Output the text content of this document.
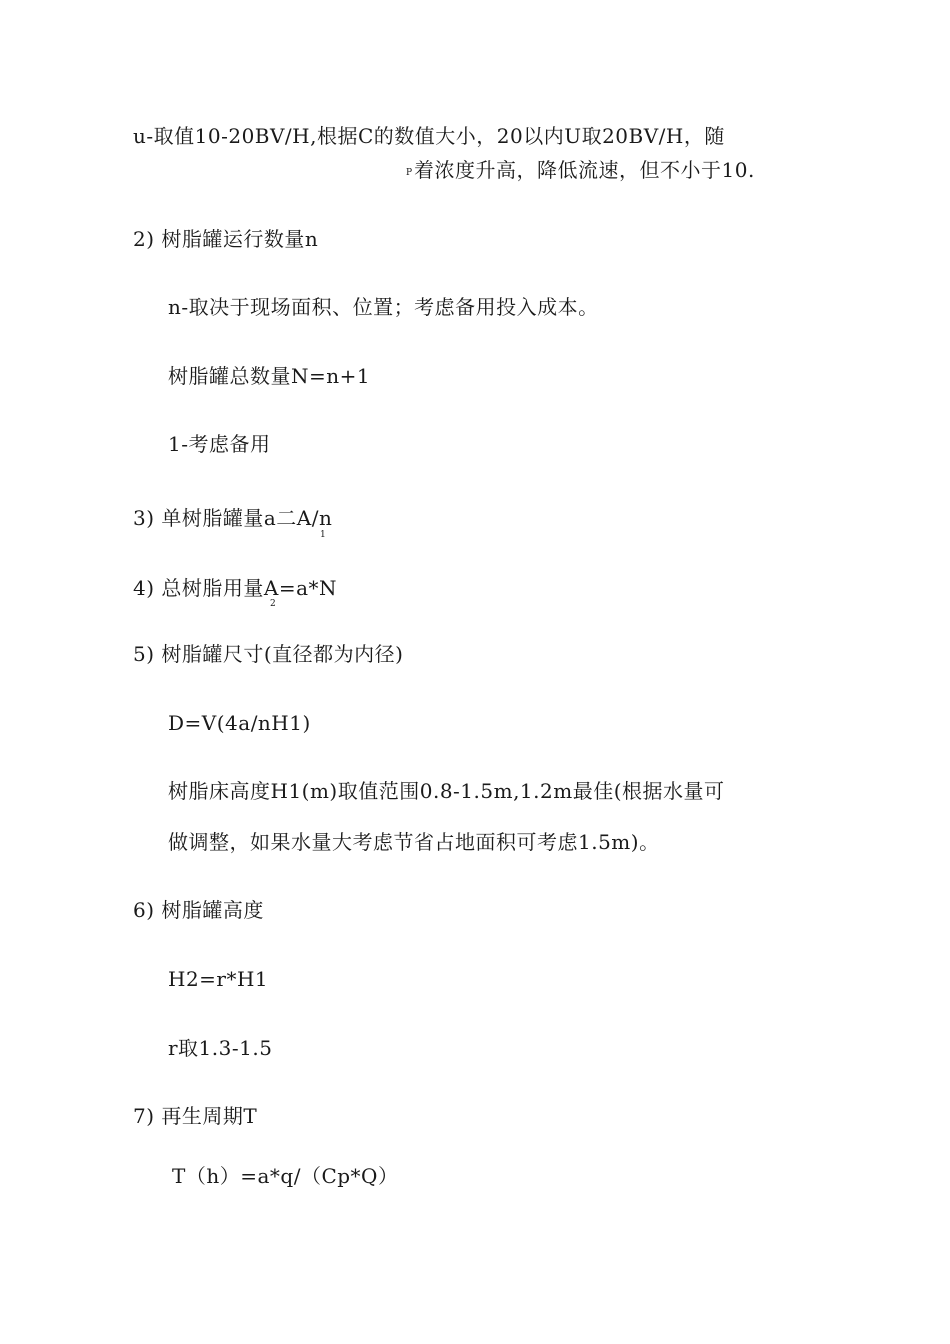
u-取值10-20BV/H,根据C的数值大小，20以内U取20BV/H，随
P 着浓度升高，降低流速，但不小于10.
2) 树脂罐运行数量n
n-取决于现场面积、位置；考虑备用投入成本。
树脂罐总数量N=n+1
1-考虑备用
3) 单树脂罐量a二A/n
1
4) 总树脂用量A=a*N
2
5) 树脂罐尺寸(直径都为内径)
D=V(4a/nH1)
树脂床高度H1(m)取值范围0.8-1.5m,1.2m最佳(根据水量可
做调整，如果水量大考虑节省占地面积可考虑1.5m)。
6) 树脂罐高度
H2=r*H1
r取1.3-1.5
7) 再生周期T
T（h）=a*q/（Cp*Q）
